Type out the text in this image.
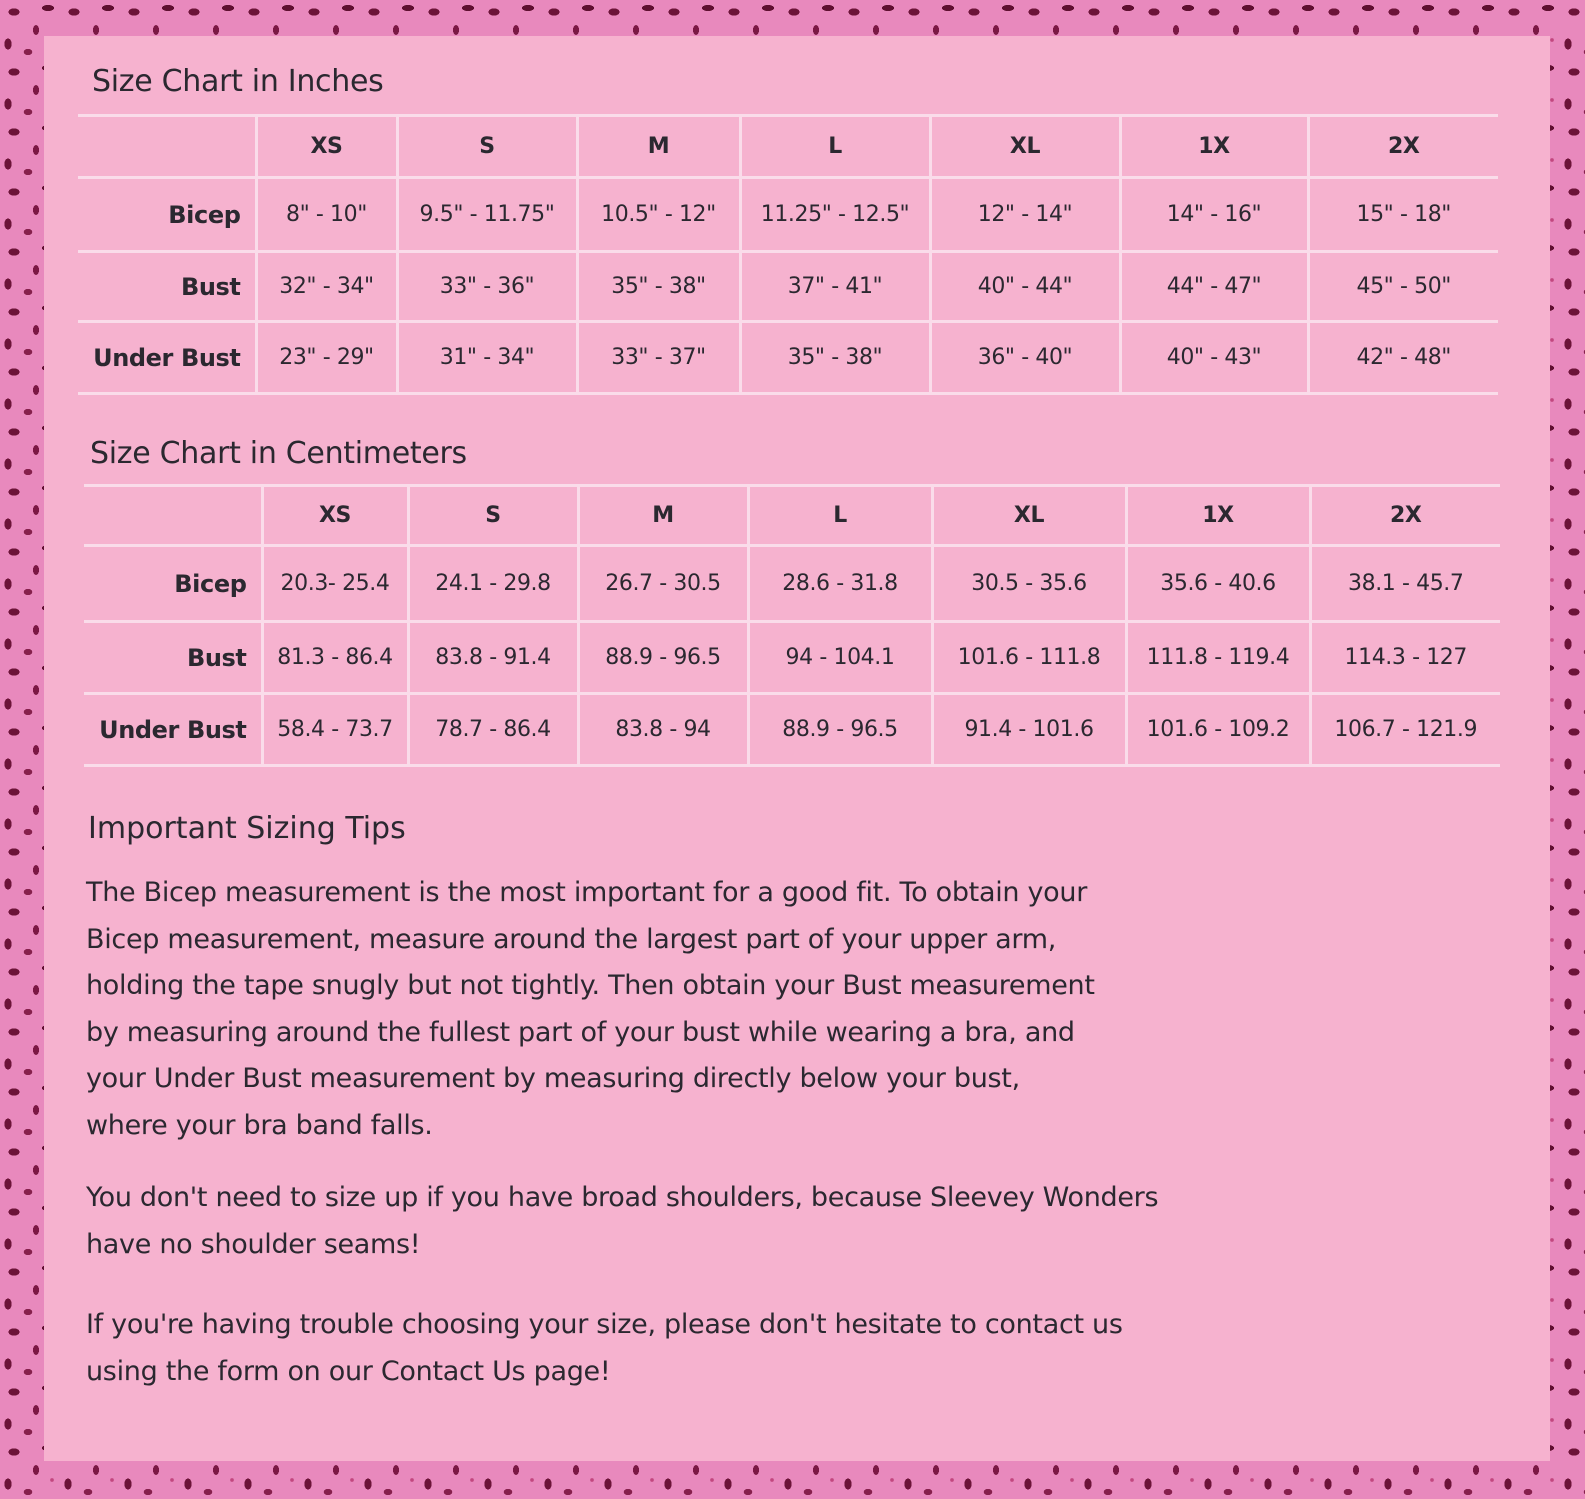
Size Chart in Inches
	XS	S	M	L	XL	1X	2X
Bicep	8" - 10"	9.5" - 11.75"	10.5" - 12"	11.25" - 12.5"	12" - 14"	14" - 16"	15" - 18"
Bust	32" - 34"	33" - 36"	35" - 38"	37" - 41"	40" - 44"	44" - 47"	45" - 50"
Under Bust	23" - 29"	31" - 34"	33" - 37"	35" - 38"	36" - 40"	40" - 43"	42" - 48"
Size Chart in Centimeters
	XS	S	M	L	XL	1X	2X
Bicep	20.3- 25.4	24.1 - 29.8	26.7 - 30.5	28.6 - 31.8	30.5 - 35.6	35.6 - 40.6	38.1 - 45.7
Bust	81.3 - 86.4	83.8 - 91.4	88.9 - 96.5	94 - 104.1	101.6 - 111.8	111.8 - 119.4	114.3 - 127
Under Bust	58.4 - 73.7	78.7 - 86.4	83.8 - 94	88.9 - 96.5	91.4 - 101.6	101.6 - 109.2	106.7 - 121.9
Important Sizing Tips

The Bicep measurement is the most important for a good fit. To obtain your
Bicep measurement, measure around the largest part of your upper arm,
holding the tape snugly but not tightly. Then obtain your Bust measurement
by measuring around the fullest part of your bust while wearing a bra, and
your Under Bust measurement by measuring directly below your bust,
where your bra band falls.

You don't need to size up if you have broad shoulders, because Sleevey Wonders
have no shoulder seams!

If you're having trouble choosing your size, please don't hesitate to contact us
using the form on our Contact Us page!
